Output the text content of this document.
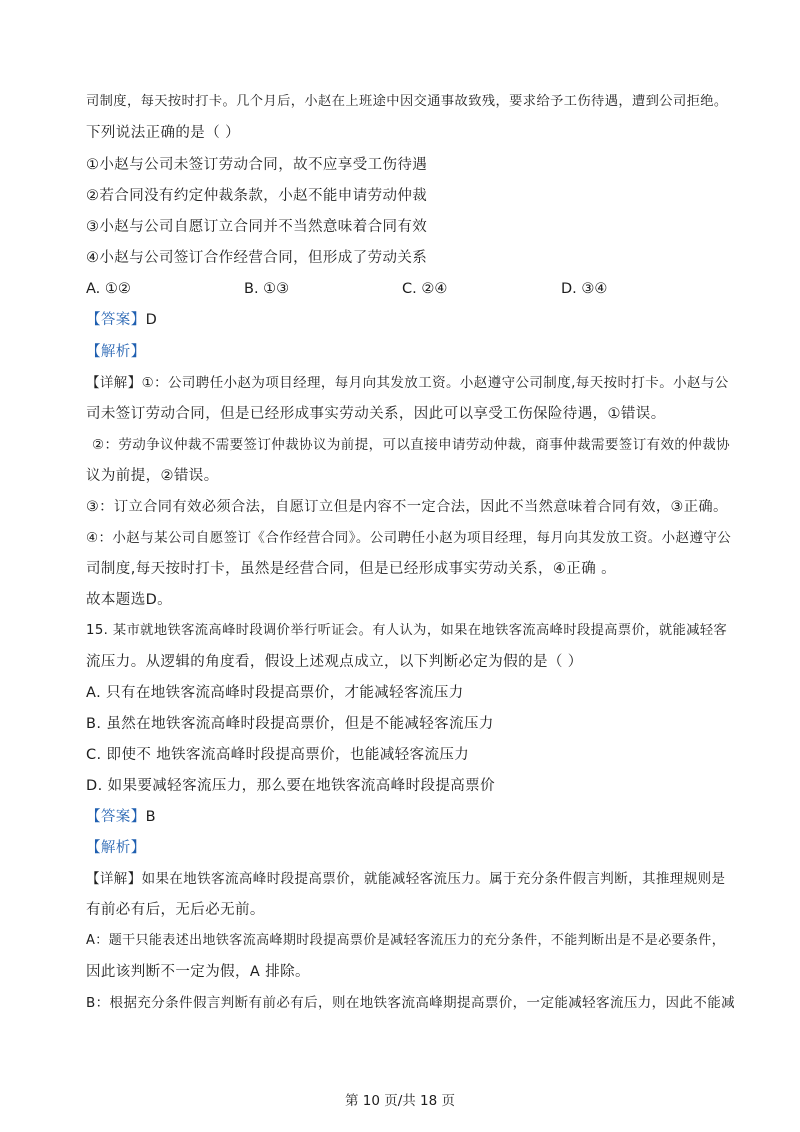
司制度，每天按时打卡。几个月后，小赵在上班途中因交通事故致残，要求给予工伤待遇，遭到公司拒绝。
下列说法正确的是（ ）
①小赵与公司未签订劳动合同，故不应享受工伤待遇
②若合同没有约定仲裁条款，小赵不能申请劳动仲裁
③小赵与公司自愿订立合同并不当然意味着合同有效
④小赵与公司签订合作经营合同，但形成了劳动关系
A. ①②	B. ①③	C. ②④	D. ③④
【答案】D
【解析】
【详解】①：公司聘任小赵为项目经理，每月向其发放工资。小赵遵守公司制度,每天按时打卡。小赵与公
司未签订劳动合同，但是已经形成事实劳动关系，因此可以享受工伤保险待遇，①错误。
②：劳动争议仲裁不需要签订仲裁协议为前提，可以直接申请劳动仲裁，商事仲裁需要签订有效的仲裁协
议为前提，②错误。
③：订立合同有效必须合法，自愿订立但是内容不一定合法，因此不当然意味着合同有效，③正确。
④：小赵与某公司自愿签订《合作经营合同》。公司聘任小赵为项目经理，每月向其发放工资。小赵遵守公
司制度,每天按时打卡，虽然是经营合同，但是已经形成事实劳动关系，④正确 。
故本题选D。
15. 某市就地铁客流高峰时段调价举行听证会。有人认为，如果在地铁客流高峰时段提高票价，就能减轻客
流压力。从逻辑的角度看，假设上述观点成立，以下判断必定为假的是（ ）
A. 只有在地铁客流高峰时段提高票价，才能减轻客流压力
B. 虽然在地铁客流高峰时段提高票价，但是不能减轻客流压力
C. 即使不 地铁客流高峰时段提高票价，也能减轻客流压力
D. 如果要减轻客流压力，那么要在地铁客流高峰时段提高票价
【答案】B
【解析】
【详解】如果在地铁客流高峰时段提高票价，就能减轻客流压力。属于充分条件假言判断，其推理规则是
有前必有后，无后必无前。
A：题干只能表述出地铁客流高峰期时段提高票价是减轻客流压力的充分条件，不能判断出是不是必要条件，
因此该判断不一定为假，A 排除。
B：根据充分条件假言判断有前必有后，则在地铁客流高峰期提高票价，一定能减轻客流压力，因此不能减
第 10 页/共 18 页
